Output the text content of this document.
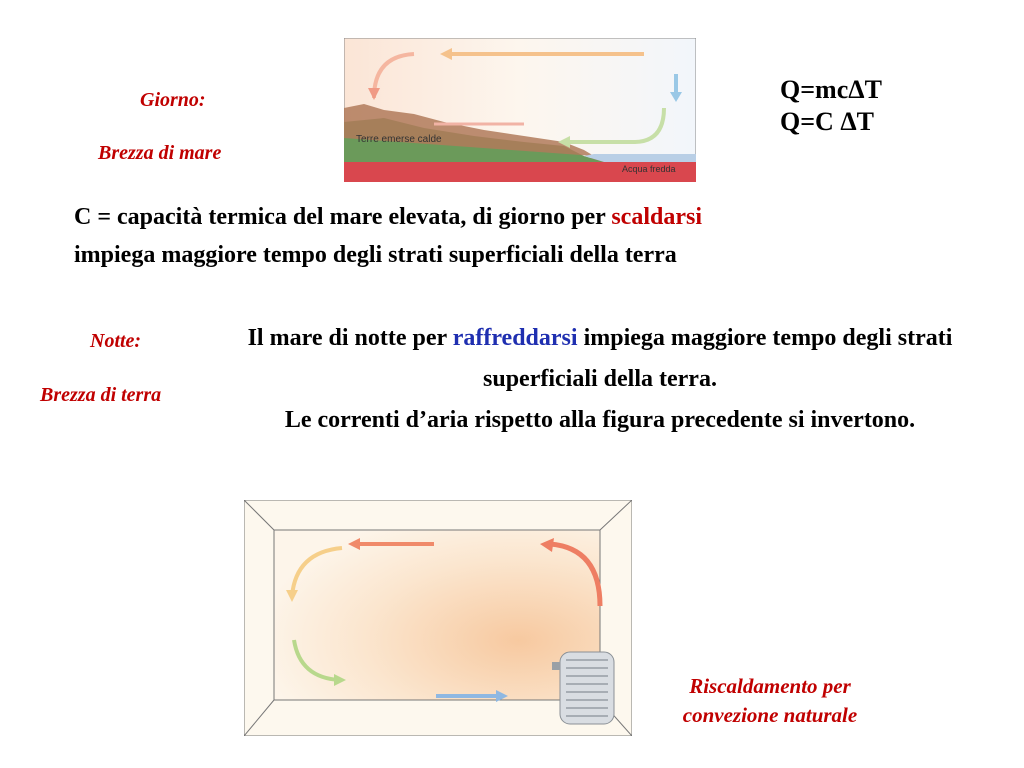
Giorno:
Brezza di mare
Terre emerse calde
Acqua fredda
Q=mcΔT
Q=C ΔT
C = capacità termica del mare elevata, di giorno per scaldarsi
impiega maggiore tempo degli strati superficiali della terra
Notte:
Brezza di terra
Il mare di notte per raffreddarsi impiega maggiore tempo degli strati superficiali della terra.
Le correnti d’aria rispetto alla figura precedente si invertono.
Riscaldamento per
convezione naturale
